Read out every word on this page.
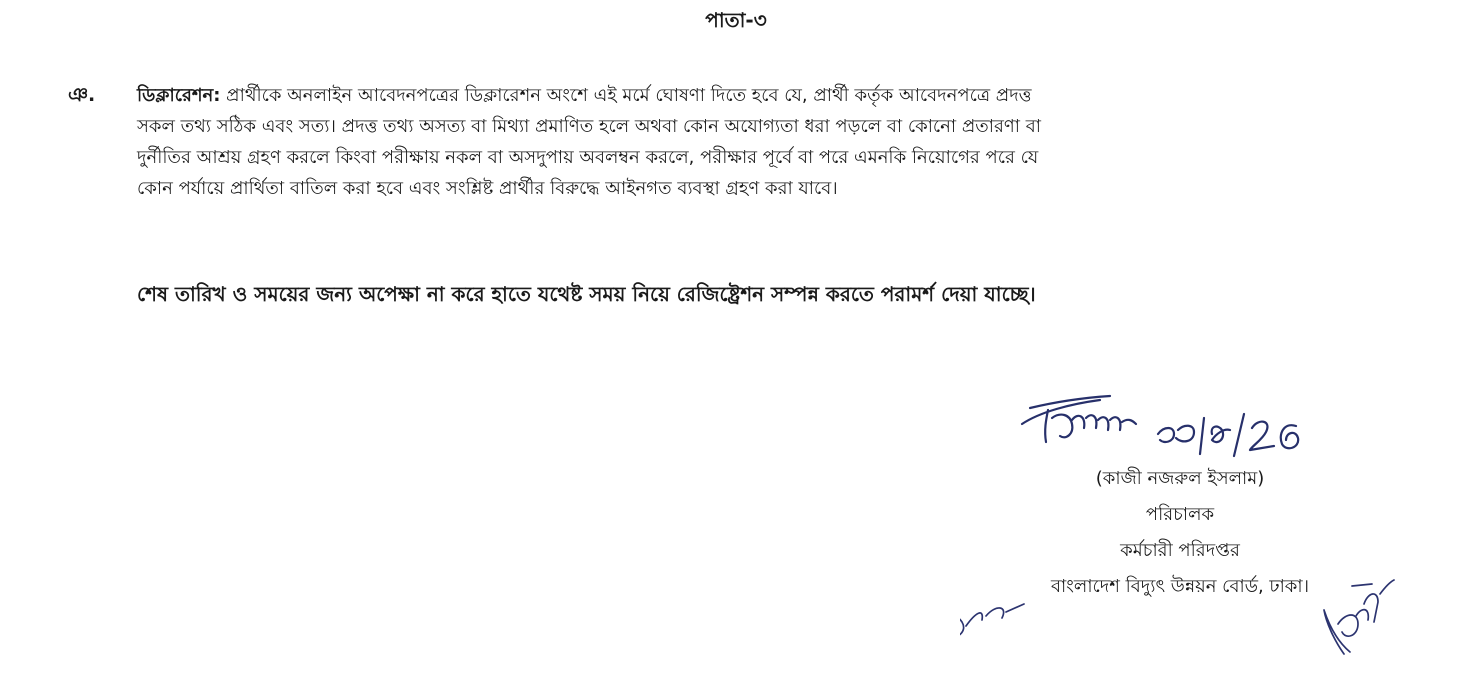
পাতা-৩
ঞ. ডিক্লারেশন: প্রার্থীকে অনলাইন আবেদনপত্রের ডিক্লারেশন অংশে এই মর্মে ঘোষণা দিতে হবে যে, প্রার্থী কর্তৃক আবেদনপত্রে প্রদত্ত
সকল তথ্য সঠিক এবং সত্য। প্রদত্ত তথ্য অসত্য বা মিথ্যা প্রমাণিত হলে অথবা কোন অযোগ্যতা ধরা পড়লে বা কোনো প্রতারণা বা
দুর্নীতির আশ্রয় গ্রহণ করলে কিংবা পরীক্ষায় নকল বা অসদুপায় অবলম্বন করলে, পরীক্ষার পূর্বে বা পরে এমনকি নিয়োগের পরে যে
কোন পর্যায়ে প্রার্থিতা বাতিল করা হবে এবং সংশ্লিষ্ট প্রার্থীর বিরুদ্ধে আইনগত ব্যবস্থা গ্রহণ করা যাবে।
শেষ তারিখ ও সময়ের জন্য অপেক্ষা না করে হাতে যথেষ্ট সময় নিয়ে রেজিষ্ট্রেশন সম্পন্ন করতে পরামর্শ দেয়া যাচ্ছে।
(কাজী নজরুল ইসলাম)
পরিচালক
কর্মচারী পরিদপ্তর
বাংলাদেশ বিদ্যুৎ উন্নয়ন বোর্ড, ঢাকা।
